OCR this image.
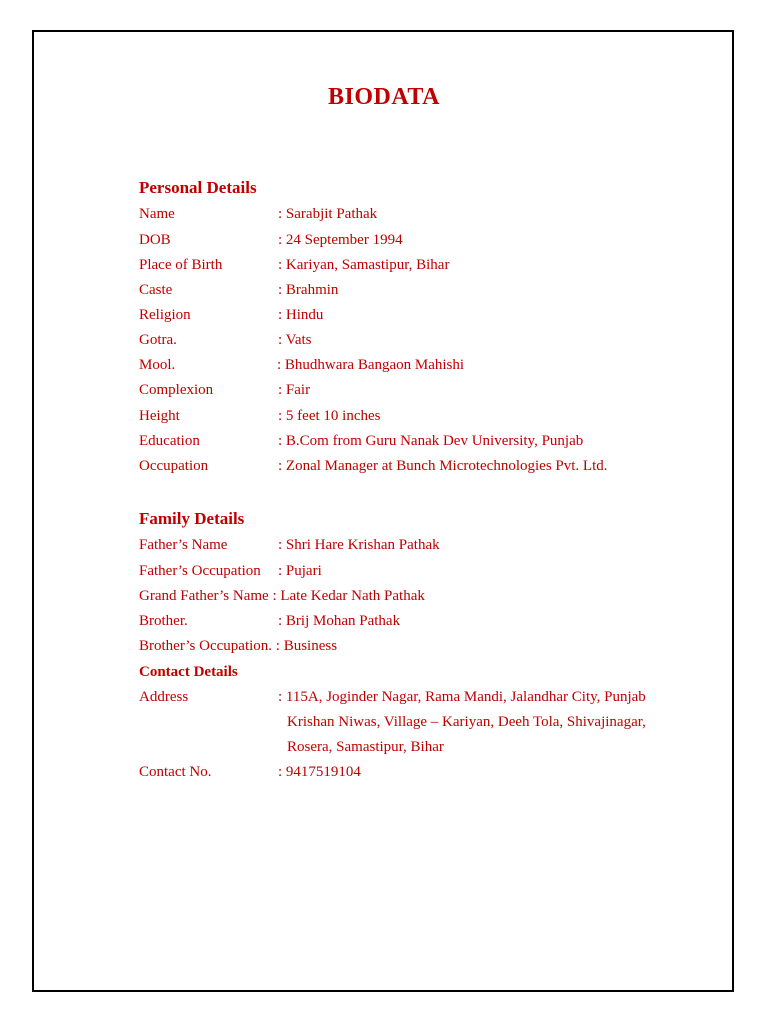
BIODATA
Personal Details
Name	: Sarabjit Pathak
DOB	: 24 September 1994
Place of Birth	: Kariyan, Samastipur, Bihar
Caste	: Brahmin
Religion	: Hindu
Gotra.	: Vats
Mool.	: Bhudhwara Bangaon Mahishi
Complexion	: Fair
Height	: 5 feet 10 inches
Education	: B.Com from Guru Nanak Dev University, Punjab
Occupation	: Zonal Manager at Bunch Microtechnologies Pvt. Ltd.
Family Details
Father’s Name	: Shri Hare Krishan Pathak
Father’s Occupation : Pujari
Grand Father’s Name : Late Kedar Nath Pathak
Brother.	: Brij Mohan Pathak
Brother’s Occupation. : Business
Contact Details
Address	: 115A, Joginder Nagar, Rama Mandi, Jalandhar City, Punjab
Krishan Niwas, Village – Kariyan, Deeh Tola, Shivajinagar,
Rosera, Samastipur, Bihar
Contact No.	: 9417519104
